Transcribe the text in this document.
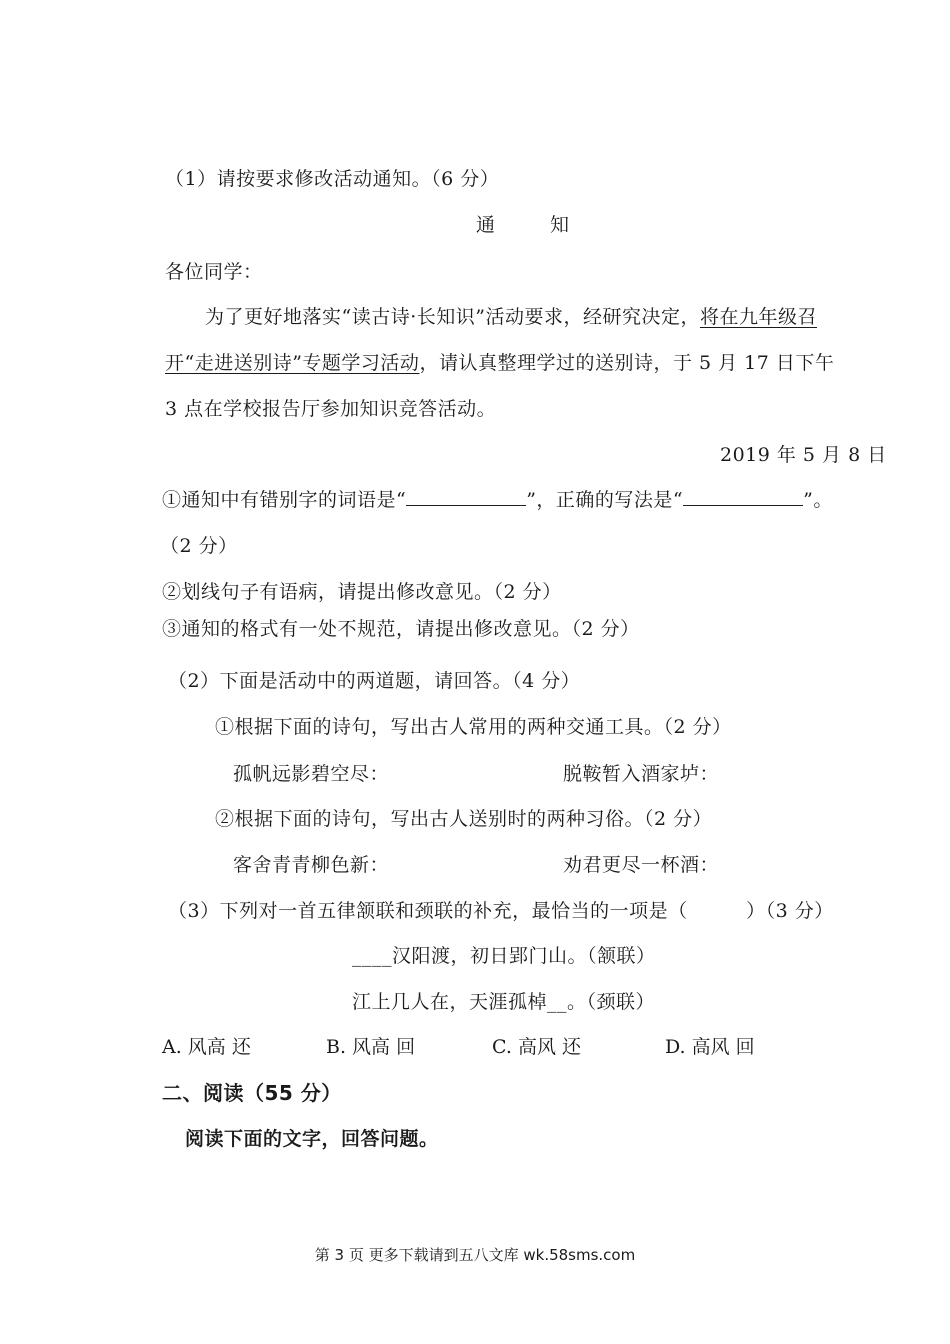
（1）请按要求修改活动通知。（6 分）
通　知
各位同学：
为了更好地落实“读古诗·长知识”活动要求，经研究决定，将在九年级召
开“走进送别诗”专题学习活动，请认真整理学过的送别诗，于 5 月 17 日下午
3 点在学校报告厅参加知识竞答活动。
2019 年 5 月 8 日
①通知中有错别字的词语是“	”，正确的写法是“	”。
（2 分）
②划线句子有语病，请提出修改意见。（2 分）
③通知的格式有一处不规范，请提出修改意见。（2 分）
（2）下面是活动中的两道题，请回答。（4 分）
①根据下面的诗句，写出古人常用的两种交通工具。（2 分）
孤帆远影碧空尽：	脱鞍暂入酒家垆：
②根据下面的诗句，写出古人送别时的两种习俗。（2 分）
客舍青青柳色新：	劝君更尽一杯酒：
（3）下列对一首五律颔联和颈联的补充，最恰当的一项是（　　　）（3 分）
____汉阳渡，初日郢门山。（颔联）
江上几人在，天涯孤棹__。（颈联）
A. 风高 还	B. 风高 回	C. 高风 还	D. 高风 回
二、阅读（55 分）
阅读下面的文字，回答问题。
第 3 页 更多下载请到五八文库 wk.58sms.com
